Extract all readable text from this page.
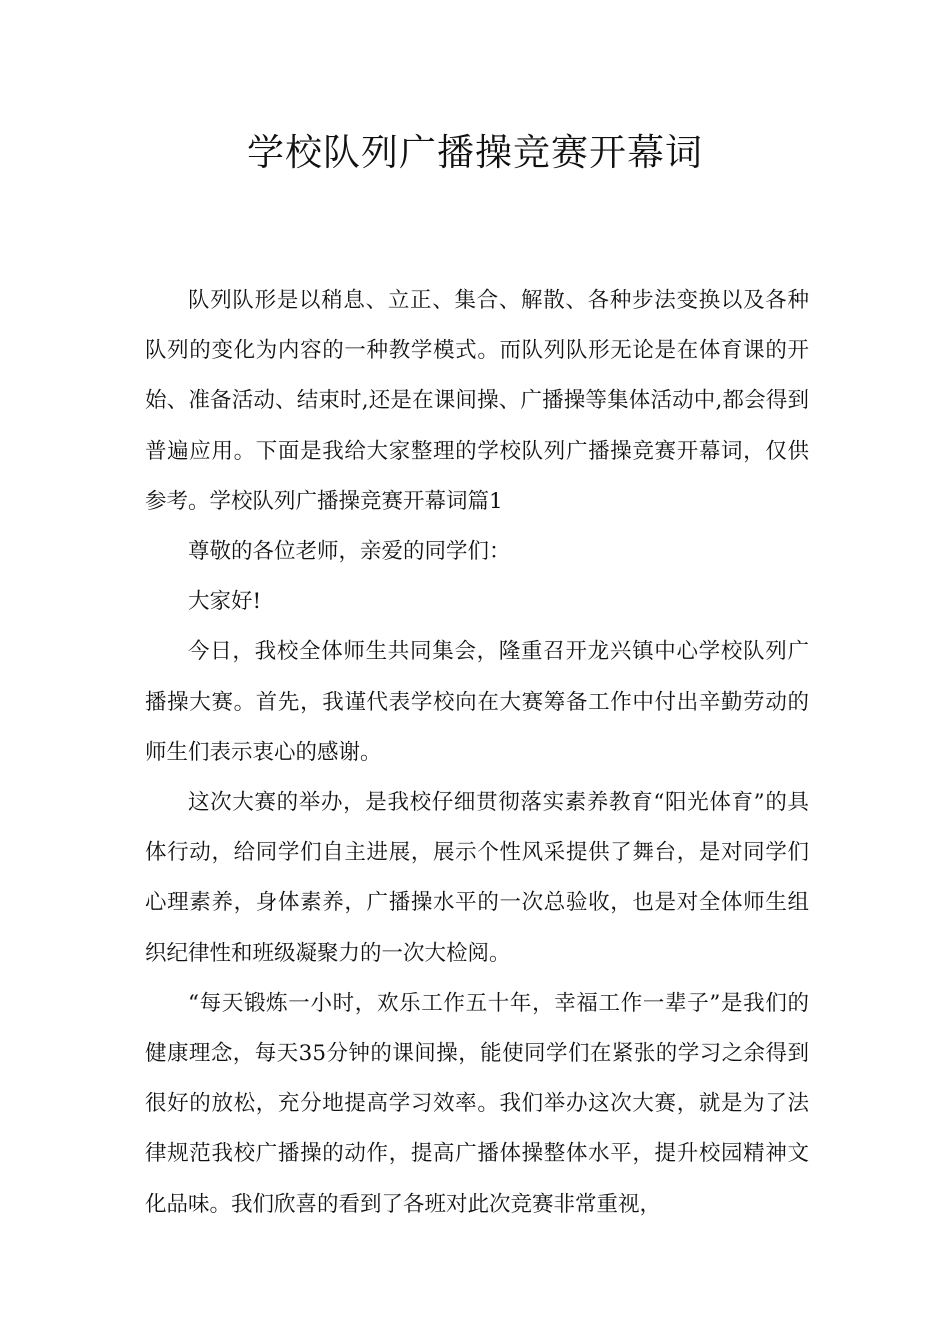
学校队列广播操竞赛开幕词

队列队形是以稍息、立正、集合、解散、各种步法变换以及各种队列的变化为内容的一种教学模式。而队列队形无论是在体育课的开始、准备活动、结束时,还是在课间操、广播操等集体活动中,都会得到普遍应用。下面是我给大家整理的学校队列广播操竞赛开幕词，仅供参考。学校队列广播操竞赛开幕词篇1

尊敬的各位老师，亲爱的同学们：

大家好!

今日，我校全体师生共同集会，隆重召开龙兴镇中心学校队列广播操大赛。首先，我谨代表学校向在大赛筹备工作中付出辛勤劳动的师生们表示衷心的感谢。

这次大赛的举办，是我校仔细贯彻落实素养教育“阳光体育”的具体行动，给同学们自主进展，展示个性风采提供了舞台，是对同学们心理素养，身体素养，广播操水平的一次总验收，也是对全体师生组织纪律性和班级凝聚力的一次大检阅。

“每天锻炼一小时，欢乐工作五十年，幸福工作一辈子”是我们的健康理念，每天35分钟的课间操，能使同学们在紧张的学习之余得到很好的放松，充分地提高学习效率。我们举办这次大赛，就是为了法律规范我校广播操的动作，提高广播体操整体水平，提升校园精神文化品味。我们欣喜的看到了各班对此次竞赛非常重视，
